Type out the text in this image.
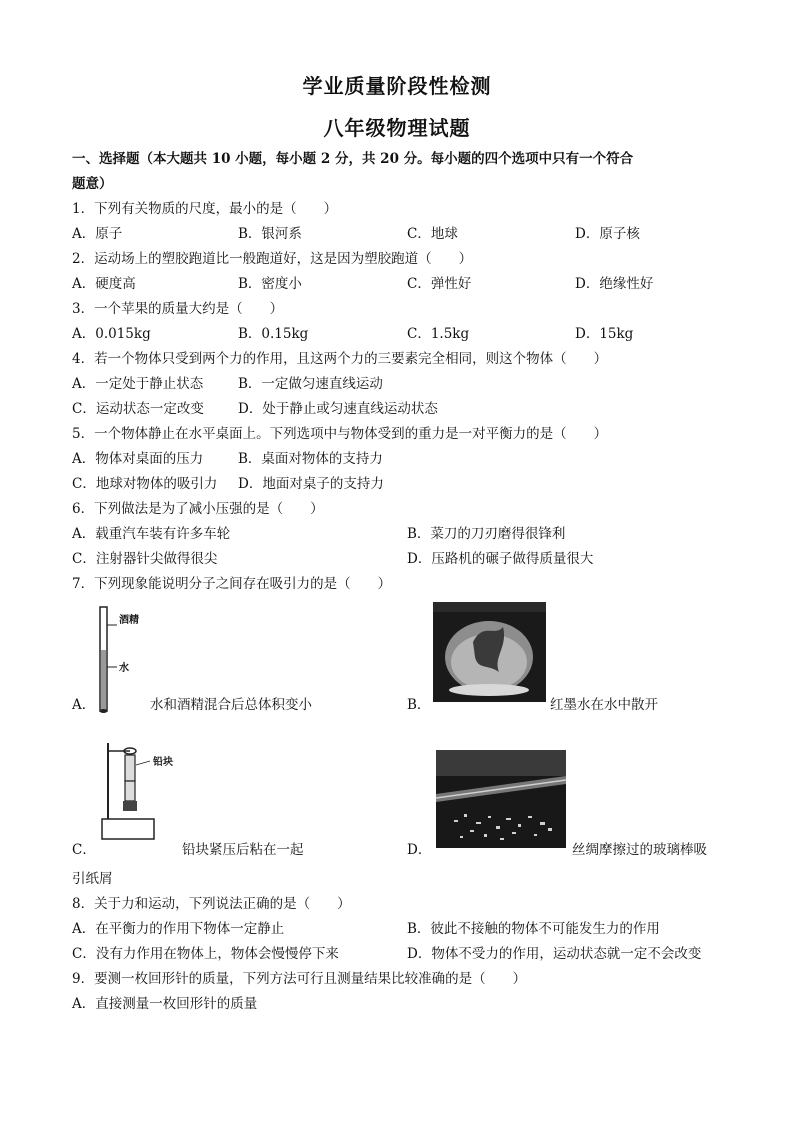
学业质量阶段性检测
八年级物理试题
一、选择题（本大题共 10 小题，每小题 2 分，共 20 分。每小题的四个选项中只有一个符合
题意）
1．下列有关物质的尺度，最小的是（　　）
A．原子	B．银河系	C．地球	D．原子核
2．运动场上的塑胶跑道比一般跑道好，这是因为塑胶跑道（　　）
A．硬度高	B．密度小	C．弹性好	D．绝缘性好
3．一个苹果的质量大约是（　　）
A．0.015kg	B．0.15kg	C．1.5kg	D．15kg
4．若一个物体只受到两个力的作用，且这两个力的三要素完全相同，则这个物体（　　）
A．一定处于静止状态	B．一定做匀速直线运动
C．运动状态一定改变	D．处于静止或匀速直线运动状态
5．一个物体静止在水平桌面上。下列选项中与物体受到的重力是一对平衡力的是（　　）
A．物体对桌面的压力	B．桌面对物体的支持力
C．地球对物体的吸引力 D．地面对桌子的支持力
6．下列做法是为了减小压强的是（　　）
A．载重汽车装有许多车轮	B．菜刀的刀刃磨得很锋利
C．注射器针尖做得很尖	D．压路机的碾子做得质量很大
7．下列现象能说明分子之间存在吸引力的是（　　）
酒精
水
A．	水和酒精混合后总体积变小	B．	红墨水在水中散开
铅块
C．	铅块紧压后粘在一起	D．	丝绸摩擦过的玻璃棒吸
引纸屑
8．关于力和运动，下列说法正确的是（　　）
A．在平衡力的作用下物体一定静止	B．彼此不接触的物体不可能发生力的作用
C．没有力作用在物体上，物体会慢慢停下来	D．物体不受力的作用，运动状态就一定不会改变
9．要测一枚回形针的质量，下列方法可行且测量结果比较准确的是（　　）
A．直接测量一枚回形针的质量
